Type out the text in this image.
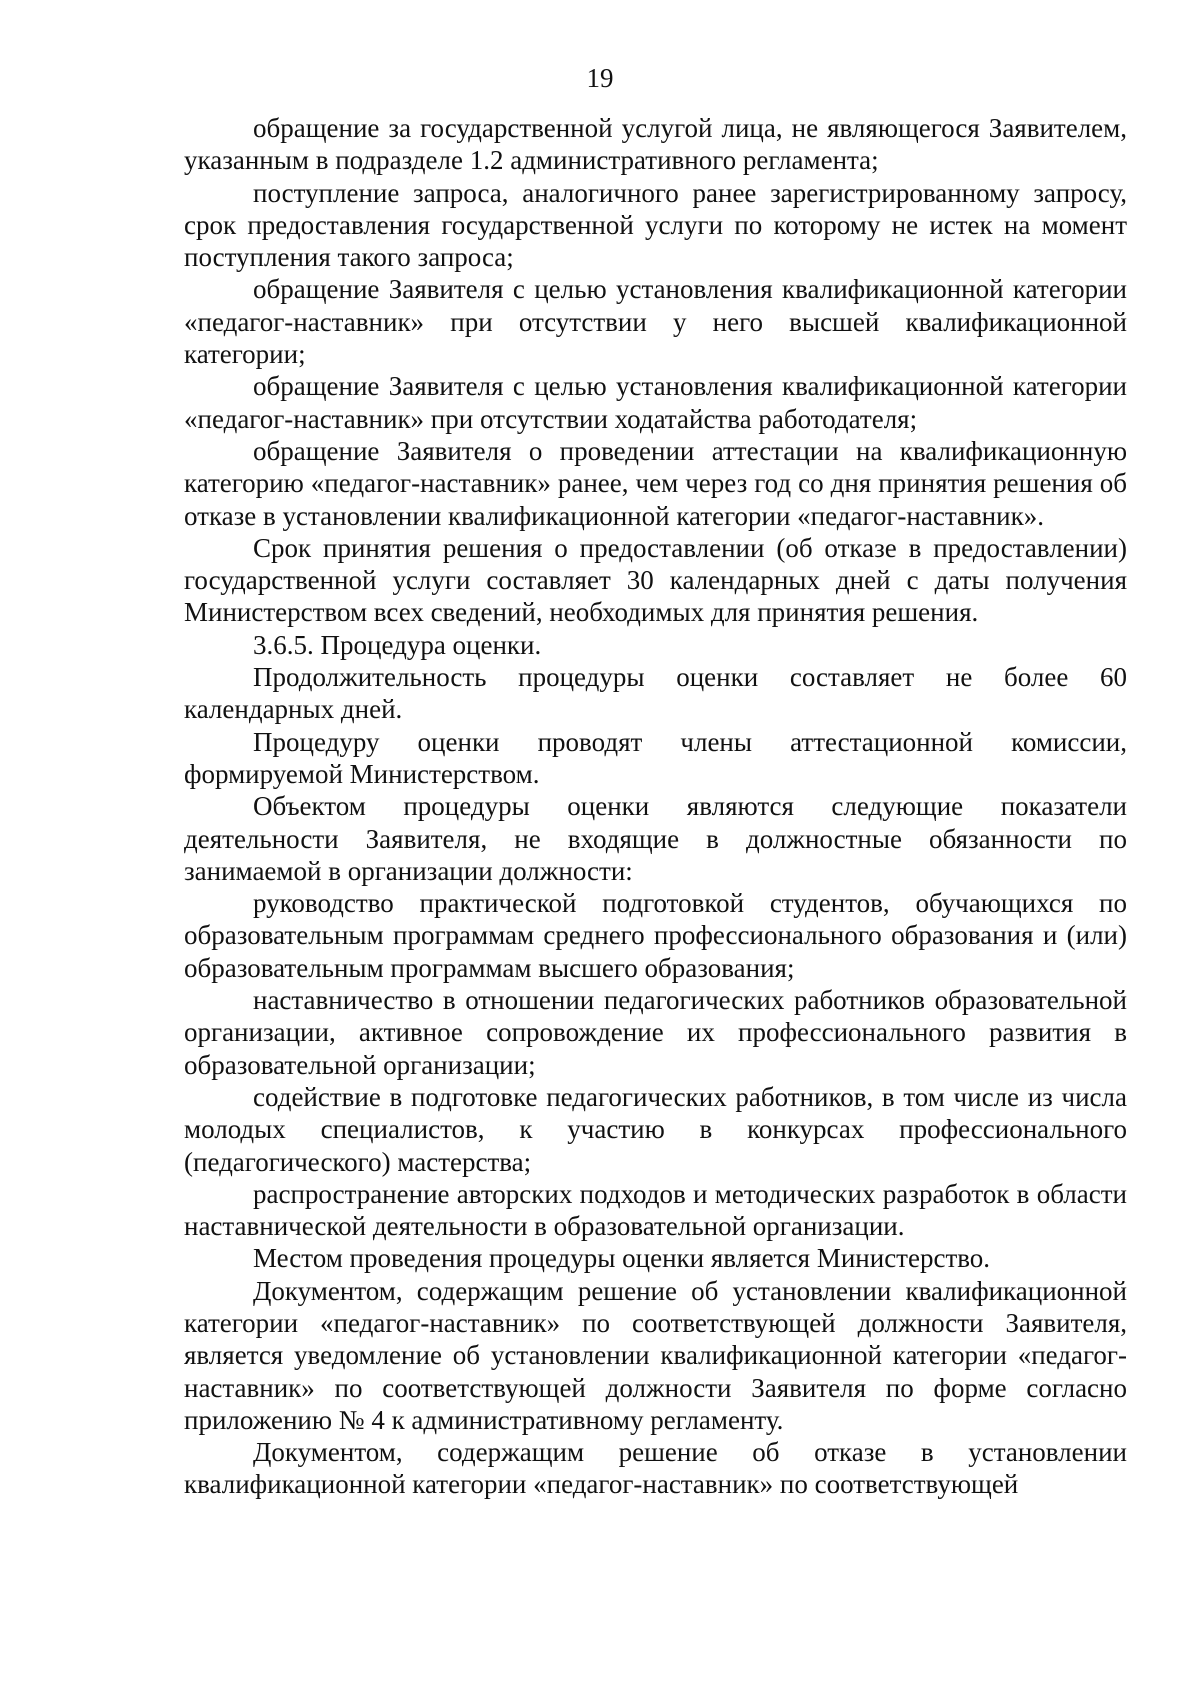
19

обращение за государственной услугой лица, не являющегося Заявителем, указанным в подразделе 1.2 административного регламента;

поступление запроса, аналогичного ранее зарегистрированному запросу, срок предоставления государственной услуги по которому не истек на момент поступления такого запроса;

обращение Заявителя с целью установления квалификационной категории «педагог-наставник» при отсутствии у него высшей квалификационной категории;

обращение Заявителя с целью установления квалификационной категории «педагог-наставник» при отсутствии ходатайства работодателя;

обращение Заявителя о проведении аттестации на квалификационную категорию «педагог-наставник» ранее, чем через год со дня принятия решения об отказе в установлении квалификационной категории «педагог-наставник».

Срок принятия решения о предоставлении (об отказе в предоставлении) государственной услуги составляет 30 календарных дней с даты получения Министерством всех сведений, необходимых для принятия решения.

3.6.5. Процедура оценки.

Продолжительность процедуры оценки составляет не более 60 календарных дней.

Процедуру оценки проводят члены аттестационной комиссии, формируемой Министерством.

Объектом процедуры оценки являются следующие показатели деятельности Заявителя, не входящие в должностные обязанности по занимаемой в организации должности:

руководство практической подготовкой студентов, обучающихся по образовательным программам среднего профессионального образования и (или) образовательным программам высшего образования;

наставничество в отношении педагогических работников образовательной организации, активное сопровождение их профессионального развития в образовательной организации;

содействие в подготовке педагогических работников, в том числе из числа молодых специалистов, к участию в конкурсах профессионального (педагогического) мастерства;

распространение авторских подходов и методических разработок в области наставнической деятельности в образовательной организации.

Местом проведения процедуры оценки является Министерство.

Документом, содержащим решение об установлении квалификационной категории «педагог-наставник» по соответствующей должности Заявителя, является уведомление об установлении квалификационной категории «педагог-наставник» по соответствующей должности Заявителя по форме согласно приложению № 4 к административному регламенту.

Документом, содержащим решение об отказе в установлении квалификационной категории «педагог-наставник» по соответствующей
